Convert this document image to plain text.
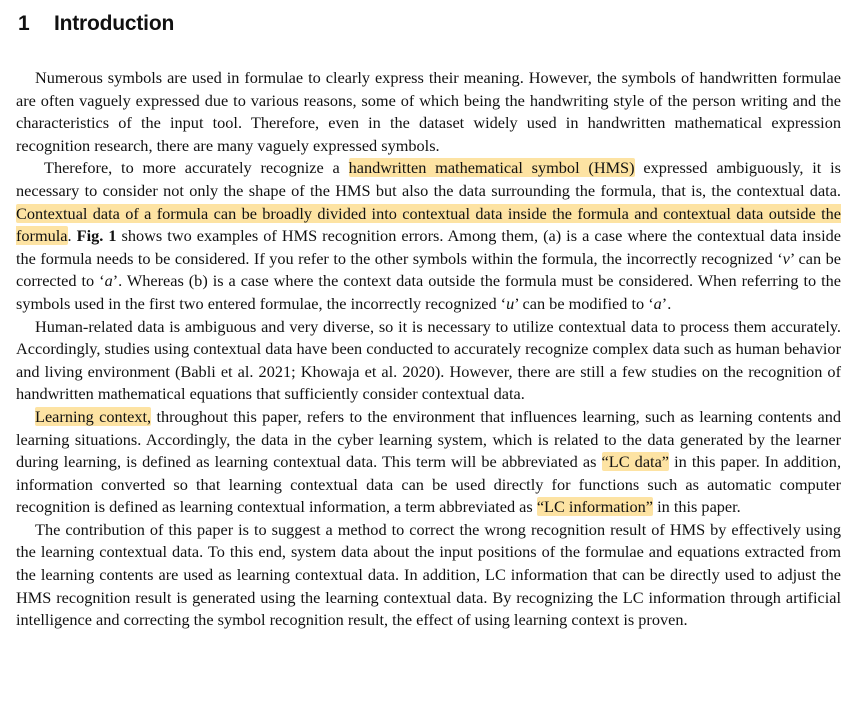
1 Introduction

Numerous symbols are used in formulae to clearly express their meaning. However, the symbols of handwritten formulae are often vaguely expressed due to various reasons, some of which being the handwriting style of the person writing and the characteristics of the input tool. Therefore, even in the dataset widely used in handwritten mathematical expression recognition research, there are many vaguely expressed symbols.

Therefore, to more accurately recognize a handwritten mathematical symbol (HMS) expressed ambiguously, it is necessary to consider not only the shape of the HMS but also the data surrounding the formula, that is, the contextual data. Contextual data of a formula can be broadly divided into contextual data inside the formula and contextual data outside the formula. Fig. 1 shows two examples of HMS recognition errors. Among them, (a) is a case where the contextual data inside the formula needs to be considered. If you refer to the other symbols within the formula, the incorrectly recognized ‘v’ can be corrected to ‘a’. Whereas (b) is a case where the context data outside the formula must be considered. When referring to the symbols used in the first two entered formulae, the incorrectly recognized ‘u’ can be modified to ‘a’.

Human-related data is ambiguous and very diverse, so it is necessary to utilize contextual data to process them accurately. Accordingly, studies using contextual data have been conducted to accurately recognize complex data such as human behavior and living environment (Babli et al. 2021; Khowaja et al. 2020). However, there are still a few studies on the recognition of handwritten mathematical equations that sufficiently consider contextual data.

Learning context, throughout this paper, refers to the environment that influences learning, such as learning contents and learning situations. Accordingly, the data in the cyber learning system, which is related to the data generated by the learner during learning, is defined as learning contextual data. This term will be abbreviated as “LC data” in this paper. In addition, information converted so that learning contextual data can be used directly for functions such as automatic computer recognition is defined as learning contextual information, a term abbreviated as “LC information” in this paper.

The contribution of this paper is to suggest a method to correct the wrong recognition result of HMS by effectively using the learning contextual data. To this end, system data about the input positions of the formulae and equations extracted from the learning contents are used as learning contextual data. In addition, LC information that can be directly used to adjust the HMS recognition result is generated using the learning contextual data. By recognizing the LC information through artificial intelligence and correcting the symbol recognition result, the effect of using learning context is proven.
